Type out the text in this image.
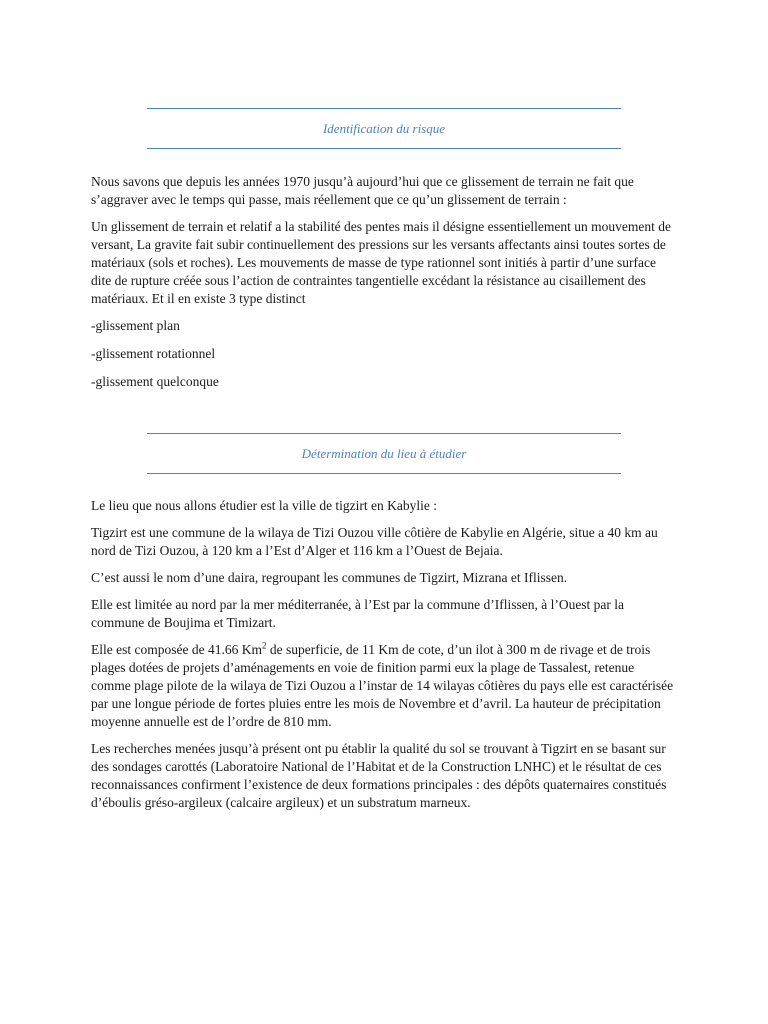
Identification du risque

Nous savons que depuis les années 1970 jusqu’à aujourd’hui que ce glissement de terrain ne fait que s’aggraver avec le temps qui passe, mais réellement que ce qu’un glissement de terrain :

Un glissement de terrain et relatif a la stabilité des pentes mais il désigne essentiellement un mouvement de versant, La gravite fait subir continuellement des pressions sur les versants affectants ainsi toutes sortes de matériaux (sols et roches). Les mouvements de masse de type rationnel sont initiés à partir d’une surface dite de rupture créée sous l’action de contraintes tangentielle excédant la résistance au cisaillement des matériaux. Et il en existe 3 type distinct

-glissement plan

-glissement rotationnel

-glissement quelconque

Détermination du lieu à étudier

Le lieu que nous allons étudier est la ville de tigzirt en Kabylie :

Tigzirt est une commune de la wilaya de Tizi Ouzou ville côtière de Kabylie en Algérie, situe a 40 km au nord de Tizi Ouzou, à 120 km a l’Est d’Alger et 116 km a l’Ouest de Bejaia.

C’est aussi le nom d’une daira, regroupant les communes de Tigzirt, Mizrana et Iflissen.

Elle est limitée au nord par la mer méditerranée, à l’Est par la commune d’Iflissen, à l’Ouest par la commune de Boujima et Timizart.

Elle est composée de 41.66 Km$^2$ de superficie, de 11 Km de cote, d’un ilot à 300 m de rivage et de trois plages dotées de projets d’aménagements en voie de finition parmi eux la plage de Tassalest, retenue comme plage pilote de la wilaya de Tizi Ouzou a l’instar de 14 wilayas côtières du pays elle est caractérisée par une longue période de fortes pluies entre les mois de Novembre et d’avril. La hauteur de précipitation moyenne annuelle est de l’ordre de 810 mm.

Les recherches menées jusqu’à présent ont pu établir la qualité du sol se trouvant à Tigzirt en se basant sur des sondages carottés (Laboratoire National de l’Habitat et de la Construction LNHC) et le résultat de ces reconnaissances confirment l’existence de deux formations principales : des dépôts quaternaires constitués d’éboulis gréso-argileux (calcaire argileux) et un substratum marneux.
